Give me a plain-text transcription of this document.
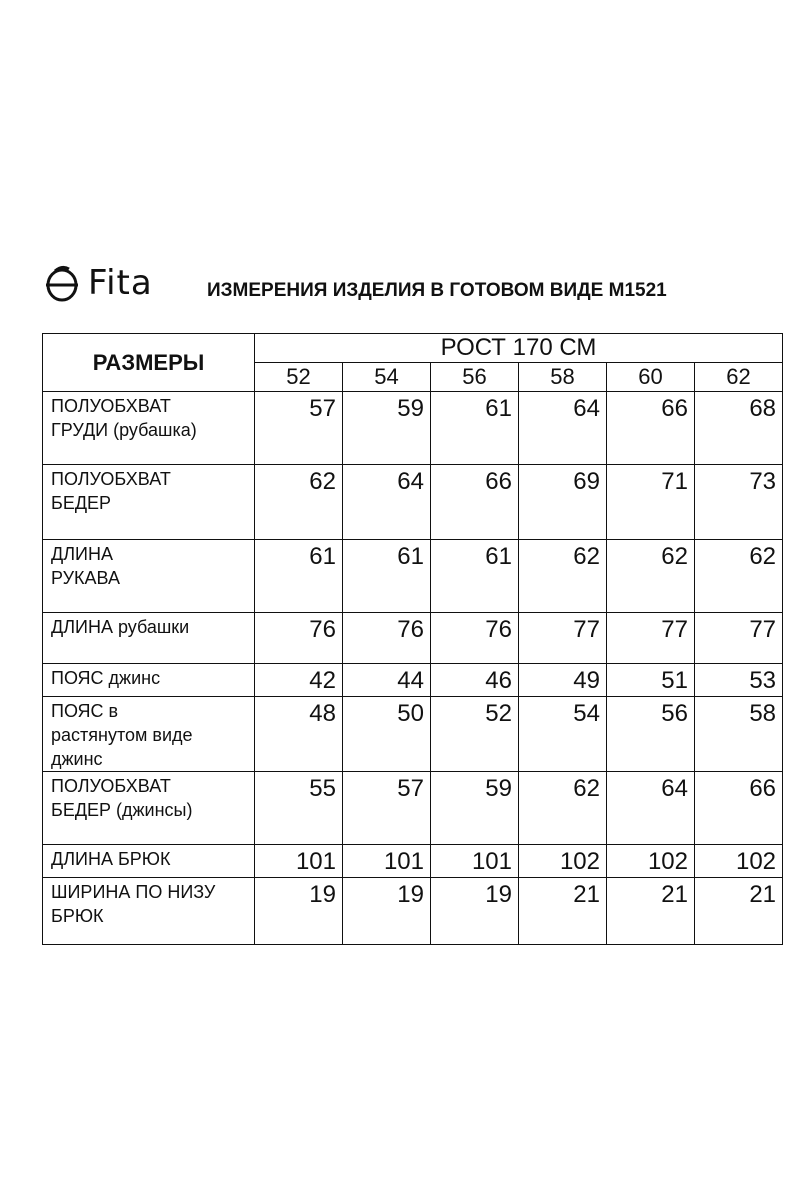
Fita	ИЗМЕРЕНИЯ ИЗДЕЛИЯ В ГОТОВОМ ВИДЕ М1521
РАЗМЕРЫ	РОСТ 170 СМ					
	52	54	56	58	60	62

ПОЛУОБХВАТ
ГРУДИ (рубашка)	57	59	61	64	66	68

ПОЛУОБХВАТ
БЕДЕР	62	64	66	69	71	73

ДЛИНА
РУКАВА	61	61	61	62	62	62

ДЛИНА рубашки	76	76	76	77	77	77

ПОЯС джинс	42	44	46	49	51	53

ПОЯС в
растянутом виде
джинс	48	50	52	54	56	58

ПОЛУОБХВАТ
БЕДЕР (джинсы)	55	57	59	62	64	66

ДЛИНА БРЮК	101	101	101	102	102	102

ШИРИНА ПО НИЗУ
БРЮК	19	19	19	21	21	21
